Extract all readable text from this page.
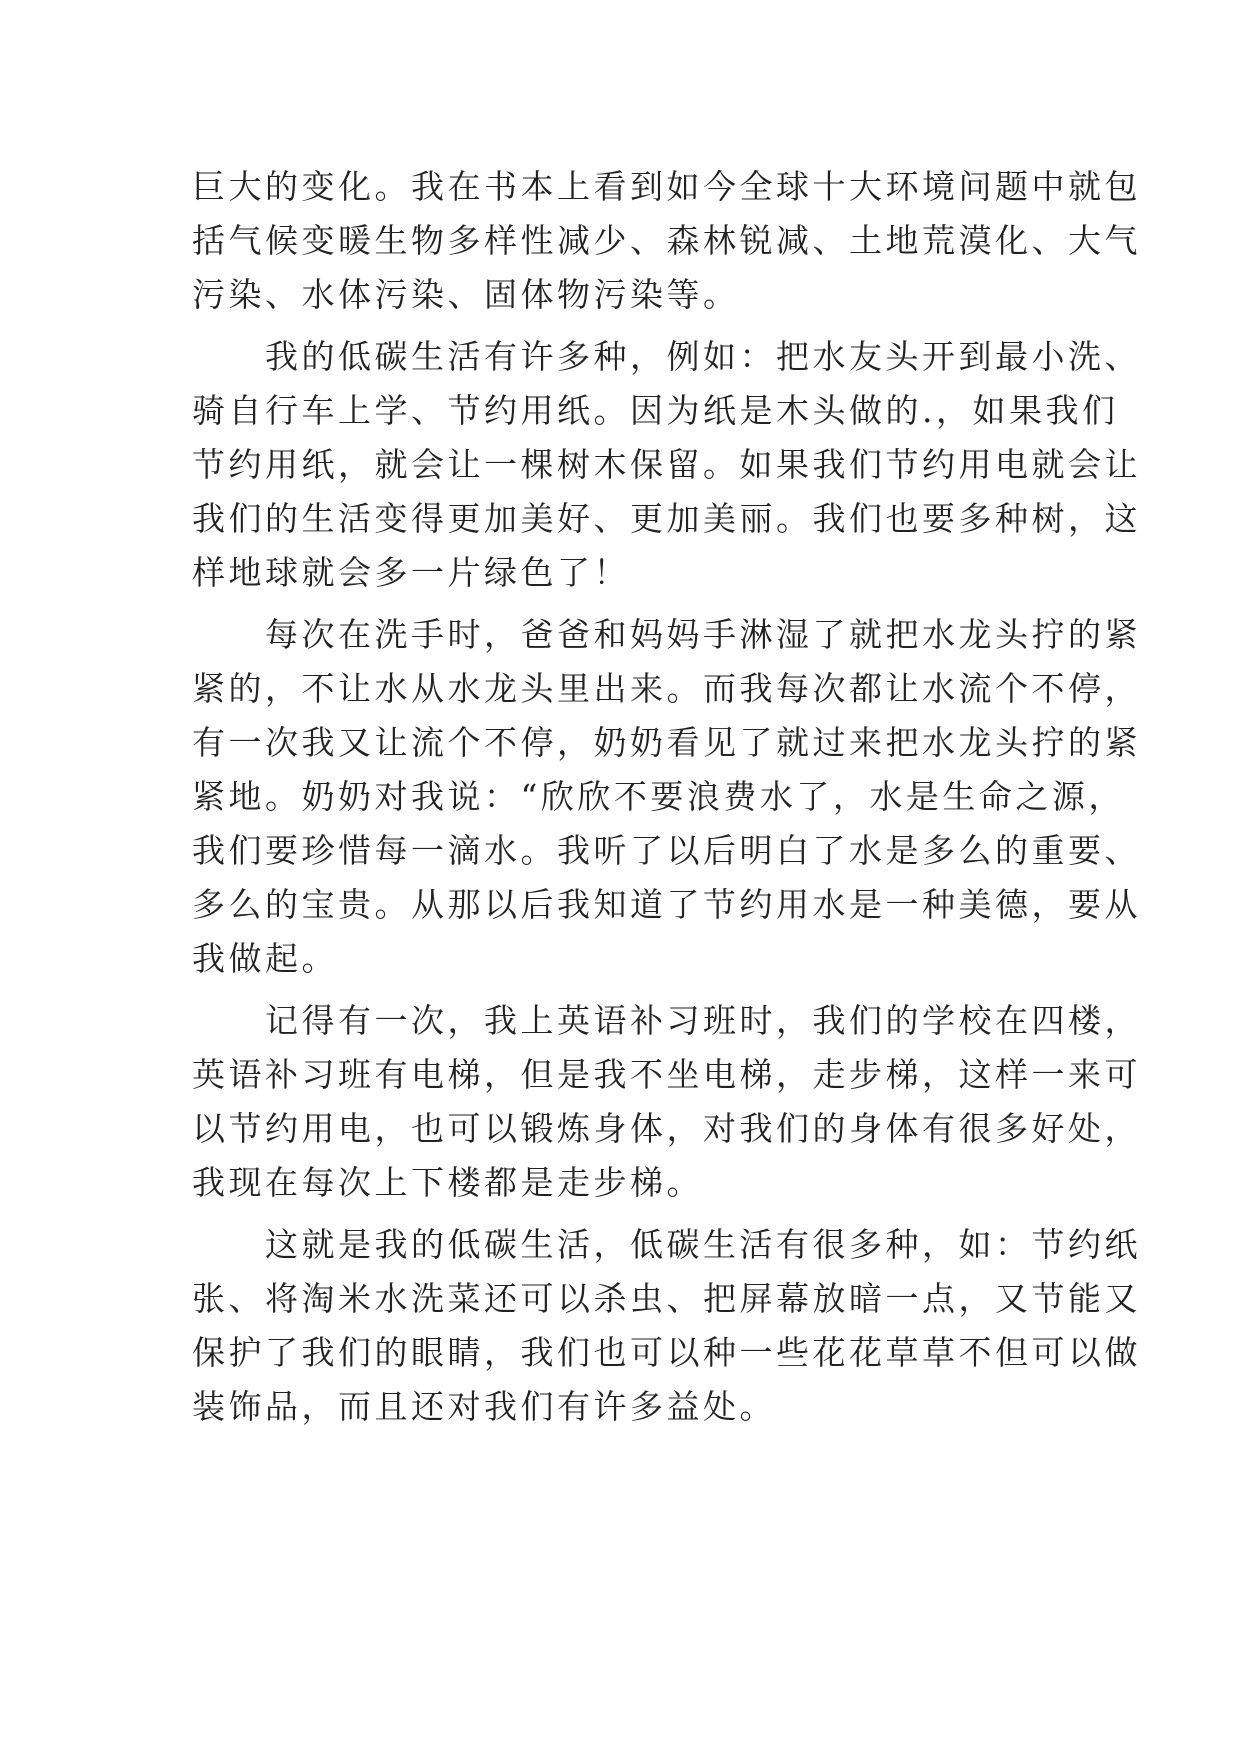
巨大的变化。我在书本上看到如今全球十大环境问题中就包
括气候变暖生物多样性减少、森林锐减、土地荒漠化、大气
污染、水体污染、固体物污染等。
　　我的低碳生活有许多种，例如：把水友头开到最小洗、
骑自行车上学、节约用纸。因为纸是木头做的.，如果我们
节约用纸，就会让一棵树木保留。如果我们节约用电就会让
我们的生活变得更加美好、更加美丽。我们也要多种树，这
样地球就会多一片绿色了！
　　每次在洗手时，爸爸和妈妈手淋湿了就把水龙头拧的紧
紧的，不让水从水龙头里出来。而我每次都让水流个不停，
有一次我又让流个不停，奶奶看见了就过来把水龙头拧的紧
紧地。奶奶对我说：“欣欣不要浪费水了，水是生命之源，
我们要珍惜每一滴水。我听了以后明白了水是多么的重要、
多么的宝贵。从那以后我知道了节约用水是一种美德，要从
我做起。
　　记得有一次，我上英语补习班时，我们的学校在四楼，
英语补习班有电梯，但是我不坐电梯，走步梯，这样一来可
以节约用电，也可以锻炼身体，对我们的身体有很多好处，
我现在每次上下楼都是走步梯。
　　这就是我的低碳生活，低碳生活有很多种，如：节约纸
张、将淘米水洗菜还可以杀虫、把屏幕放暗一点，又节能又
保护了我们的眼睛，我们也可以种一些花花草草不但可以做
装饰品，而且还对我们有许多益处。
